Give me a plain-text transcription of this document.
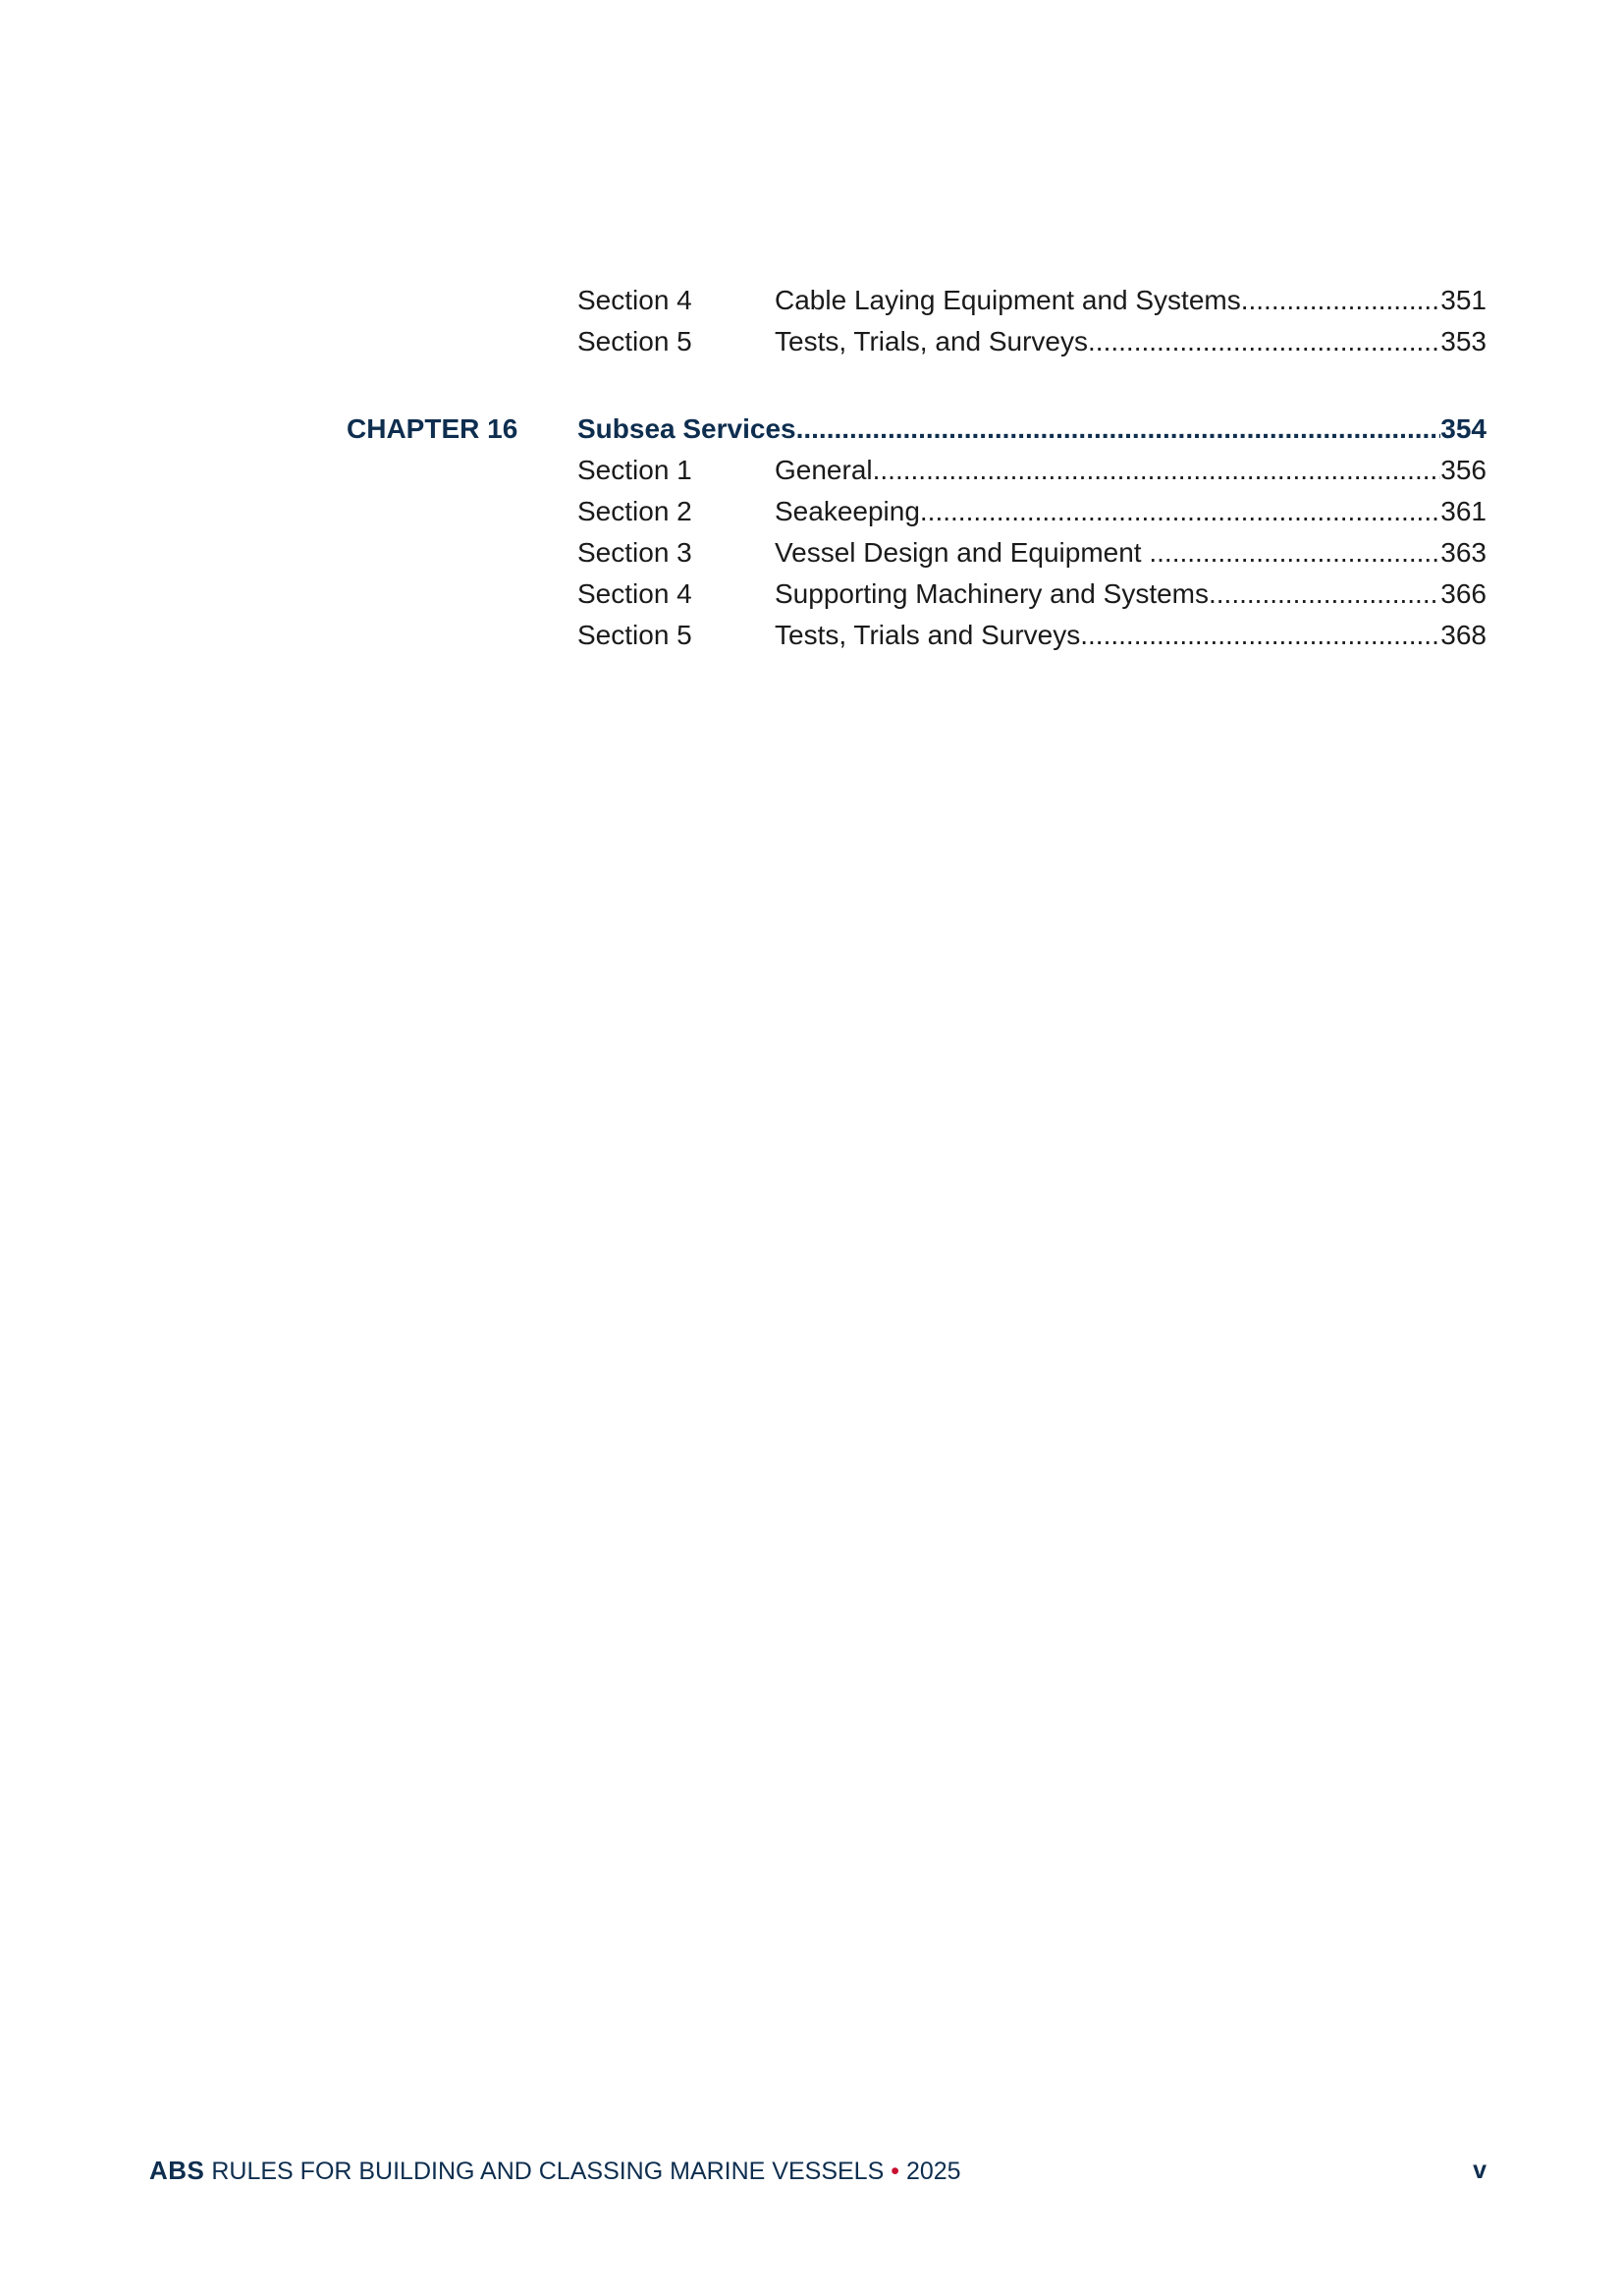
Section 4	Cable Laying Equipment and Systems .....	351
Section 5	Tests, Trials, and Surveys .....	353
CHAPTER 16 Subsea Services .....	354
Section 1	General .....	356
Section 2	Seakeeping .....	361
Section 3	Vessel Design and Equipment .....	363
Section 4	Supporting Machinery and Systems .....	366
Section 5	Tests, Trials and Surveys .....	368
ABS RULES FOR BUILDING AND CLASSING MARINE VESSELS • 2025	v
